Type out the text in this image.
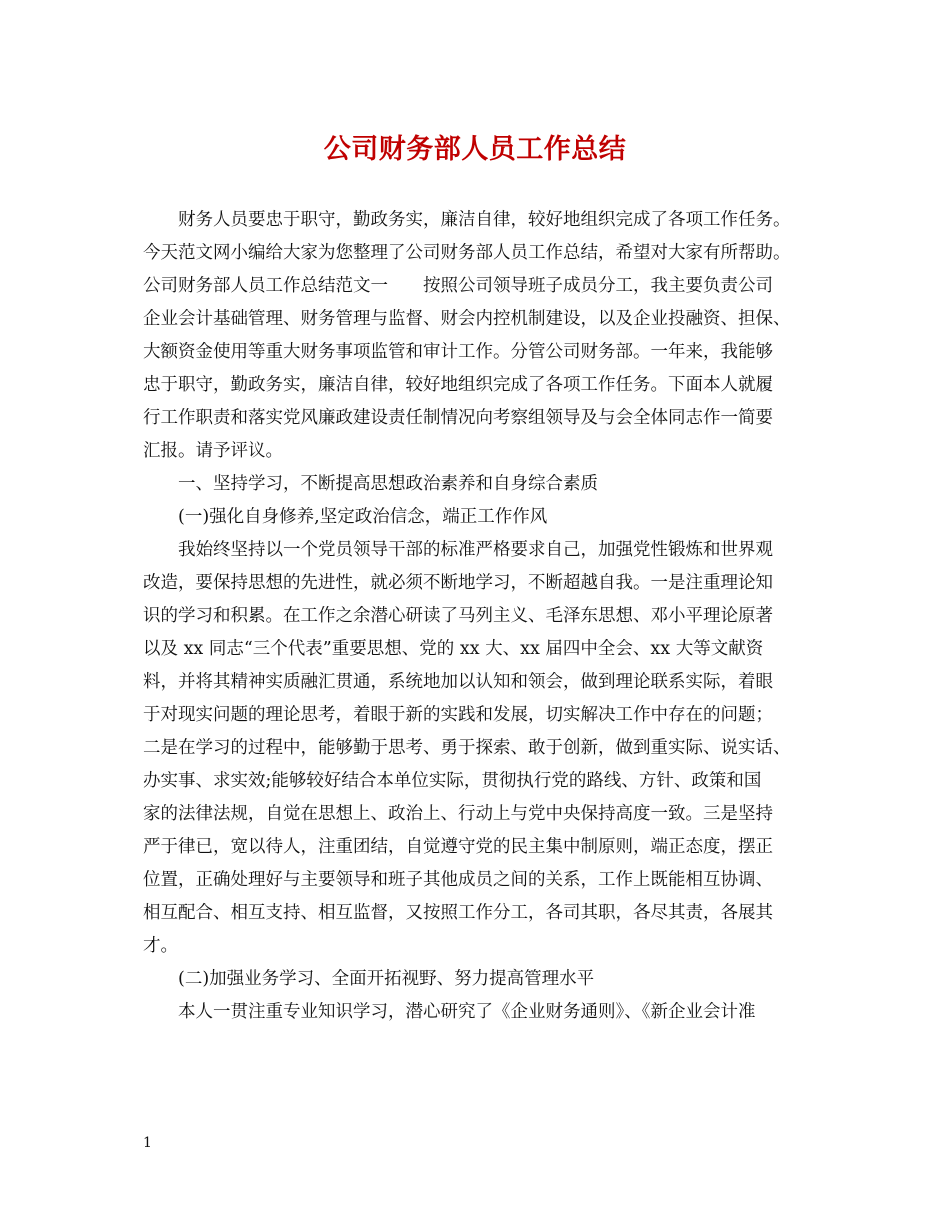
公司财务部人员工作总结
财务人员要忠于职守，勤政务实，廉洁自律，较好地组织完成了各项工作任务。
今天范文网小编给大家为您整理了公司财务部人员工作总结，希望对大家有所帮助。
公司财务部人员工作总结范文一　　按照公司领导班子成员分工，我主要负责公司
企业会计基础管理、财务管理与监督、财会内控机制建设，以及企业投融资、担保、
大额资金使用等重大财务事项监管和审计工作。分管公司财务部。一年来，我能够
忠于职守，勤政务实，廉洁自律，较好地组织完成了各项工作任务。下面本人就履
行工作职责和落实党风廉政建设责任制情况向考察组领导及与会全体同志作一简要
汇报。请予评议。
一、坚持学习，不断提高思想政治素养和自身综合素质
(一)强化自身修养,坚定政治信念，端正工作作风
我始终坚持以一个党员领导干部的标准严格要求自己，加强党性锻炼和世界观
改造，要保持思想的先进性，就必须不断地学习，不断超越自我。一是注重理论知
识的学习和积累。在工作之余潜心研读了马列主义、毛泽东思想、邓小平理论原著
以及 xx 同志“三个代表”重要思想、党的 xx 大、xx 届四中全会、xx 大等文献资
料，并将其精神实质融汇贯通，系统地加以认知和领会，做到理论联系实际，着眼
于对现实问题的理论思考，着眼于新的实践和发展，切实解决工作中存在的问题；
二是在学习的过程中，能够勤于思考、勇于探索、敢于创新，做到重实际、说实话、
办实事、求实效;能够较好结合本单位实际，贯彻执行党的路线、方针、政策和国
家的法律法规，自觉在思想上、政治上、行动上与党中央保持高度一致。三是坚持
严于律已，宽以待人，注重团结，自觉遵守党的民主集中制原则，端正态度，摆正
位置，正确处理好与主要领导和班子其他成员之间的关系，工作上既能相互协调、
相互配合、相互支持、相互监督，又按照工作分工，各司其职，各尽其责，各展其
才。
(二)加强业务学习、全面开拓视野、努力提高管理水平
本人一贯注重专业知识学习，潜心研究了《企业财务通则》、《新企业会计准
1
